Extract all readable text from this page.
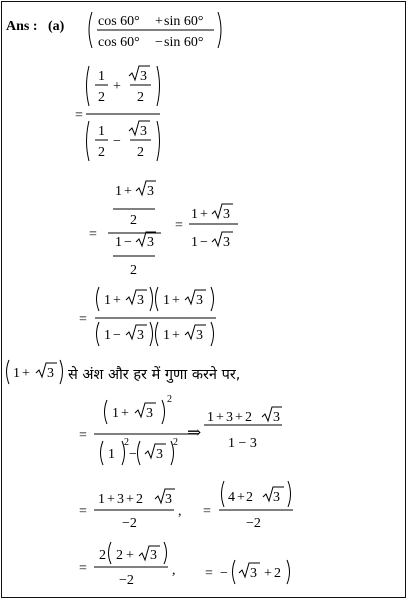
Ans : (a)
से अंश और हर में गुणा करने पर,
cos 60° + sin 60°
cos 60° − sin 60°
=
1
2
+
3
2
1
2
−
3
2
=
1 + 3
2
1 − 3
2
=
1 + 3
1 − 3
=
1 + 3 1 + 3
1 − 3 1 + 3
1 + 3
=
1 + 3
2
1
2
− 3
2
⇒
1 + 3 + 2 3
1 − 3
=
1 + 3 + 2 3
−2
, =
4 + 2 3
−2
=
2 2 + 3
−2
, = − 3 + 2
